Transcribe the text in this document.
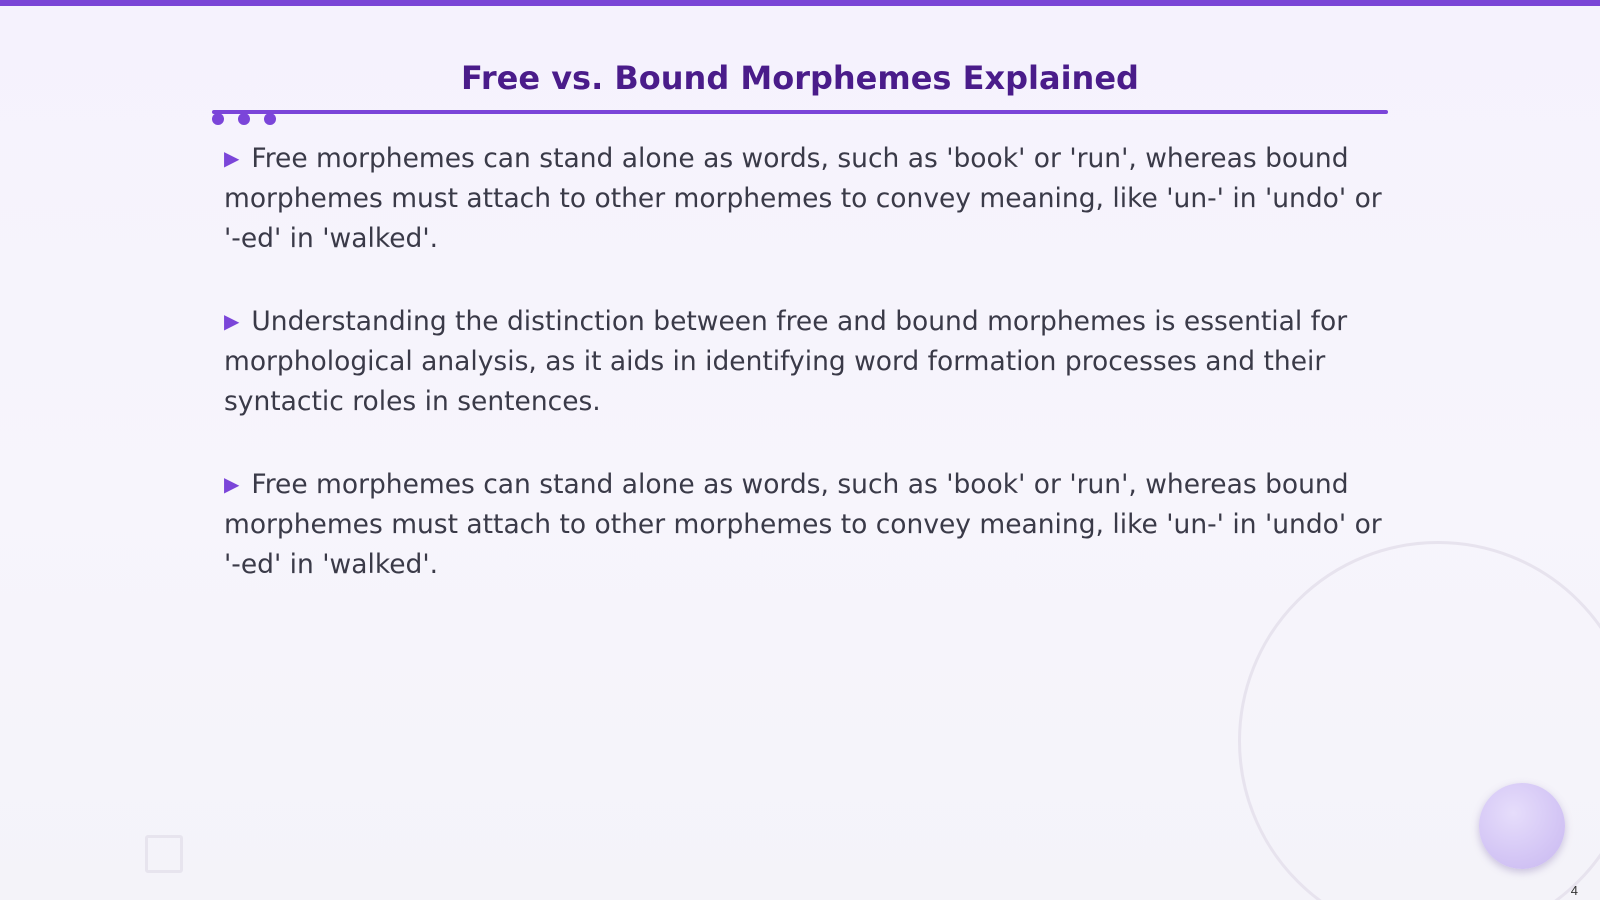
Free vs. Bound Morphemes Explained
▶ Free morphemes can stand alone as words, such as 'book' or 'run', whereas bound morphemes must attach to other morphemes to convey meaning, like 'un-' in 'undo' or '-ed' in 'walked'.
▶ Understanding the distinction between free and bound morphemes is essential for morphological analysis, as it aids in identifying word formation processes and their syntactic roles in sentences.
▶ Free morphemes can stand alone as words, such as 'book' or 'run', whereas bound morphemes must attach to other morphemes to convey meaning, like 'un-' in 'undo' or '-ed' in 'walked'.
4
